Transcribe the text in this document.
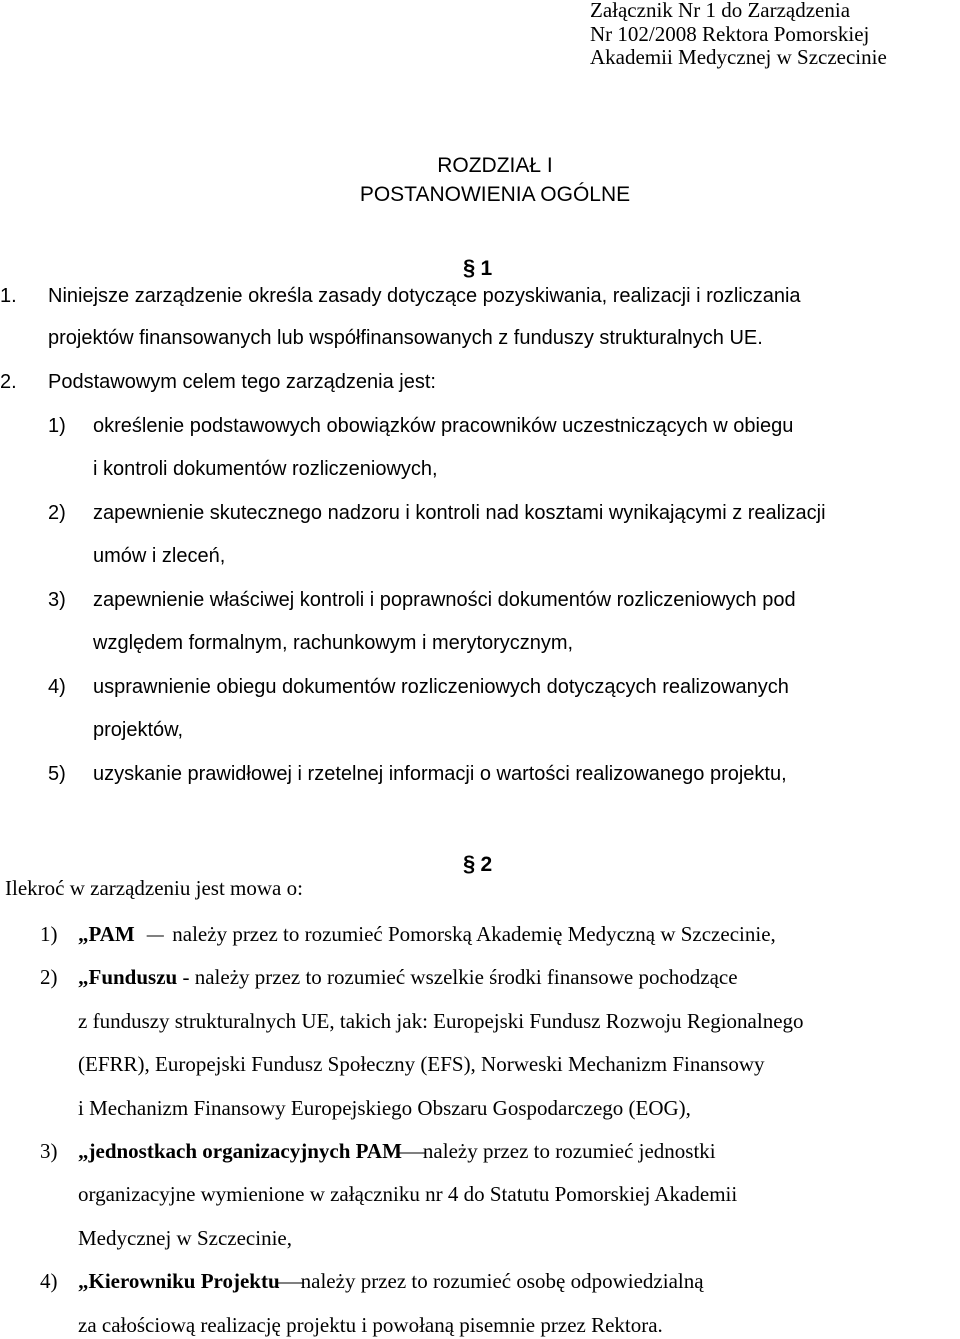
Załącznik Nr 1 do Zarządzenia
Nr 102/2008 Rektora Pomorskiej
Akademii Medycznej w Szczecinie
ROZDZIAŁ I
POSTANOWIENIA OGÓLNE
§ 1
1. Niniejsze zarządzenie określa zasady dotyczące pozyskiwania, realizacji i rozliczania
projektów finansowanych lub współfinansowanych z funduszy strukturalnych UE.
2. Podstawowym celem tego zarządzenia jest:
1) określenie podstawowych obowiązków pracowników uczestniczących w obiegu
i kontroli dokumentów rozliczeniowych,
2) zapewnienie skutecznego nadzoru i kontroli nad kosztami wynikającymi z realizacji
umów i zleceń,
3) zapewnienie właściwej kontroli i poprawności dokumentów rozliczeniowych pod
względem formalnym, rachunkowym i merytorycznym,
4) usprawnienie obiegu dokumentów rozliczeniowych dotyczących realizowanych
projektów,
5) uzyskanie prawidłowej i rzetelnej informacji o wartości realizowanego projektu,
§ 2
Ilekroć w zarządzeniu jest mowa o:
1) „PAM – należy przez to rozumieć Pomorską Akademię Medyczną w Szczecinie,
2) „Funduszu - należy przez to rozumieć wszelkie środki finansowe pochodzące
z funduszy strukturalnych UE, takich jak: Europejski Fundusz Rozwoju Regionalnego
(EFRR), Europejski Fundusz Społeczny (EFS), Norweski Mechanizm Finansowy
i Mechanizm Finansowy Europejskiego Obszaru Gospodarczego (EOG),
3) „jednostkach organizacyjnych PAM – należy przez to rozumieć jednostki
organizacyjne wymienione w załączniku nr 4 do Statutu Pomorskiej Akademii
Medycznej w Szczecinie,
4) „Kierowniku Projektu – należy przez to rozumieć osobę odpowiedzialną
za całościową realizację projektu i powołaną pisemnie przez Rektora.
